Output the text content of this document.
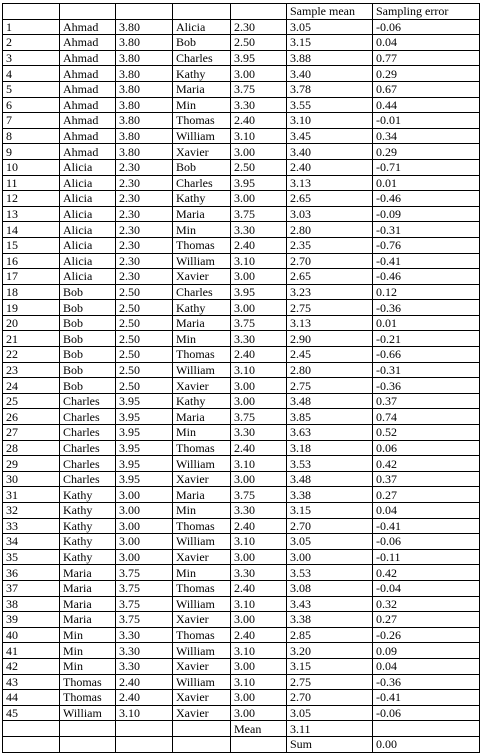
					Sample mean	Sampling error
1	Ahmad	3.80	Alicia	2.30	3.05	-0.06
2	Ahmad	3.80	Bob	2.50	3.15	0.04
3	Ahmad	3.80	Charles	3.95	3.88	0.77
4	Ahmad	3.80	Kathy	3.00	3.40	0.29
5	Ahmad	3.80	Maria	3.75	3.78	0.67
6	Ahmad	3.80	Min	3.30	3.55	0.44
7	Ahmad	3.80	Thomas	2.40	3.10	-0.01
8	Ahmad	3.80	William	3.10	3.45	0.34
9	Ahmad	3.80	Xavier	3.00	3.40	0.29
10	Alicia	2.30	Bob	2.50	2.40	-0.71
11	Alicia	2.30	Charles	3.95	3.13	0.01
12	Alicia	2.30	Kathy	3.00	2.65	-0.46
13	Alicia	2.30	Maria	3.75	3.03	-0.09
14	Alicia	2.30	Min	3.30	2.80	-0.31
15	Alicia	2.30	Thomas	2.40	2.35	-0.76
16	Alicia	2.30	William	3.10	2.70	-0.41
17	Alicia	2.30	Xavier	3.00	2.65	-0.46
18	Bob	2.50	Charles	3.95	3.23	0.12
19	Bob	2.50	Kathy	3.00	2.75	-0.36
20	Bob	2.50	Maria	3.75	3.13	0.01
21	Bob	2.50	Min	3.30	2.90	-0.21
22	Bob	2.50	Thomas	2.40	2.45	-0.66
23	Bob	2.50	William	3.10	2.80	-0.31
24	Bob	2.50	Xavier	3.00	2.75	-0.36
25	Charles	3.95	Kathy	3.00	3.48	0.37
26	Charles	3.95	Maria	3.75	3.85	0.74
27	Charles	3.95	Min	3.30	3.63	0.52
28	Charles	3.95	Thomas	2.40	3.18	0.06
29	Charles	3.95	William	3.10	3.53	0.42
30	Charles	3.95	Xavier	3.00	3.48	0.37
31	Kathy	3.00	Maria	3.75	3.38	0.27
32	Kathy	3.00	Min	3.30	3.15	0.04
33	Kathy	3.00	Thomas	2.40	2.70	-0.41
34	Kathy	3.00	William	3.10	3.05	-0.06
35	Kathy	3.00	Xavier	3.00	3.00	-0.11
36	Maria	3.75	Min	3.30	3.53	0.42
37	Maria	3.75	Thomas	2.40	3.08	-0.04
38	Maria	3.75	William	3.10	3.43	0.32
39	Maria	3.75	Xavier	3.00	3.38	0.27
40	Min	3.30	Thomas	2.40	2.85	-0.26
41	Min	3.30	William	3.10	3.20	0.09
42	Min	3.30	Xavier	3.00	3.15	0.04
43	Thomas	2.40	William	3.10	2.75	-0.36
44	Thomas	2.40	Xavier	3.00	2.70	-0.41
45	William	3.10	Xavier	3.00	3.05	-0.06
				Mean	3.11	
					Sum	0.00
